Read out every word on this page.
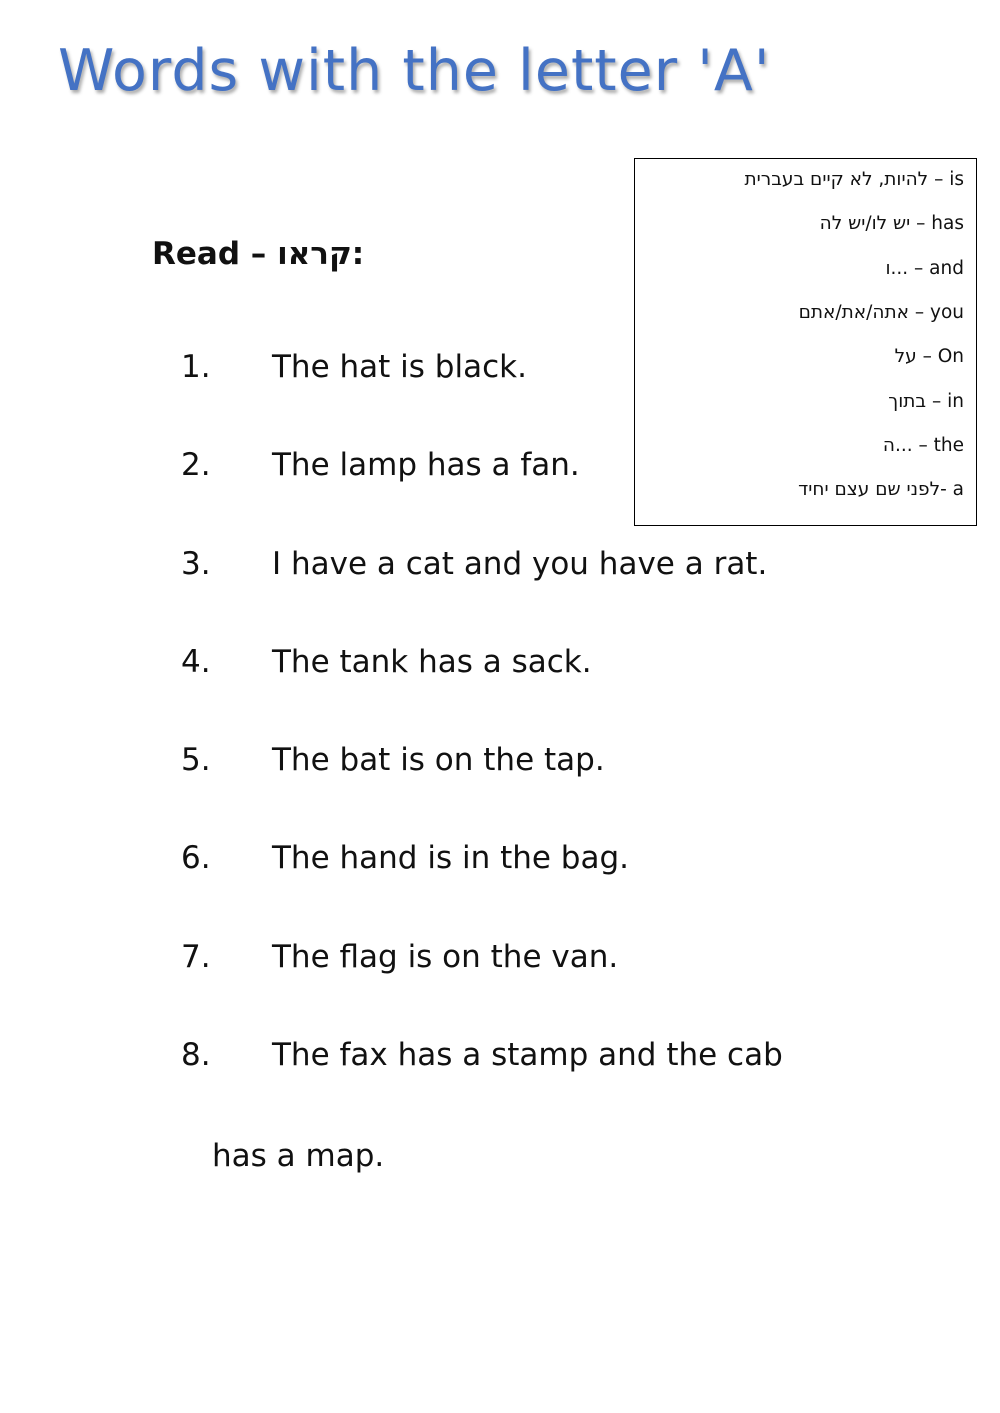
Words with the letter 'A'
להיות, לא קיים בעברית – is
יש לו/יש לה – has
ו... – and
אתה/את/אתם – you
על – On
בתוך – in
ה... – the
לפני שם עצם יחיד- a
Read – קראו:
1. The hat is black.
2. The lamp has a fan.
3. I have a cat and you have a rat.
4. The tank has a sack.
5. The bat is on the tap.
6. The hand is in the bag.
7. The flag is on the van.
8. The fax has a stamp and the cab
has a map.
